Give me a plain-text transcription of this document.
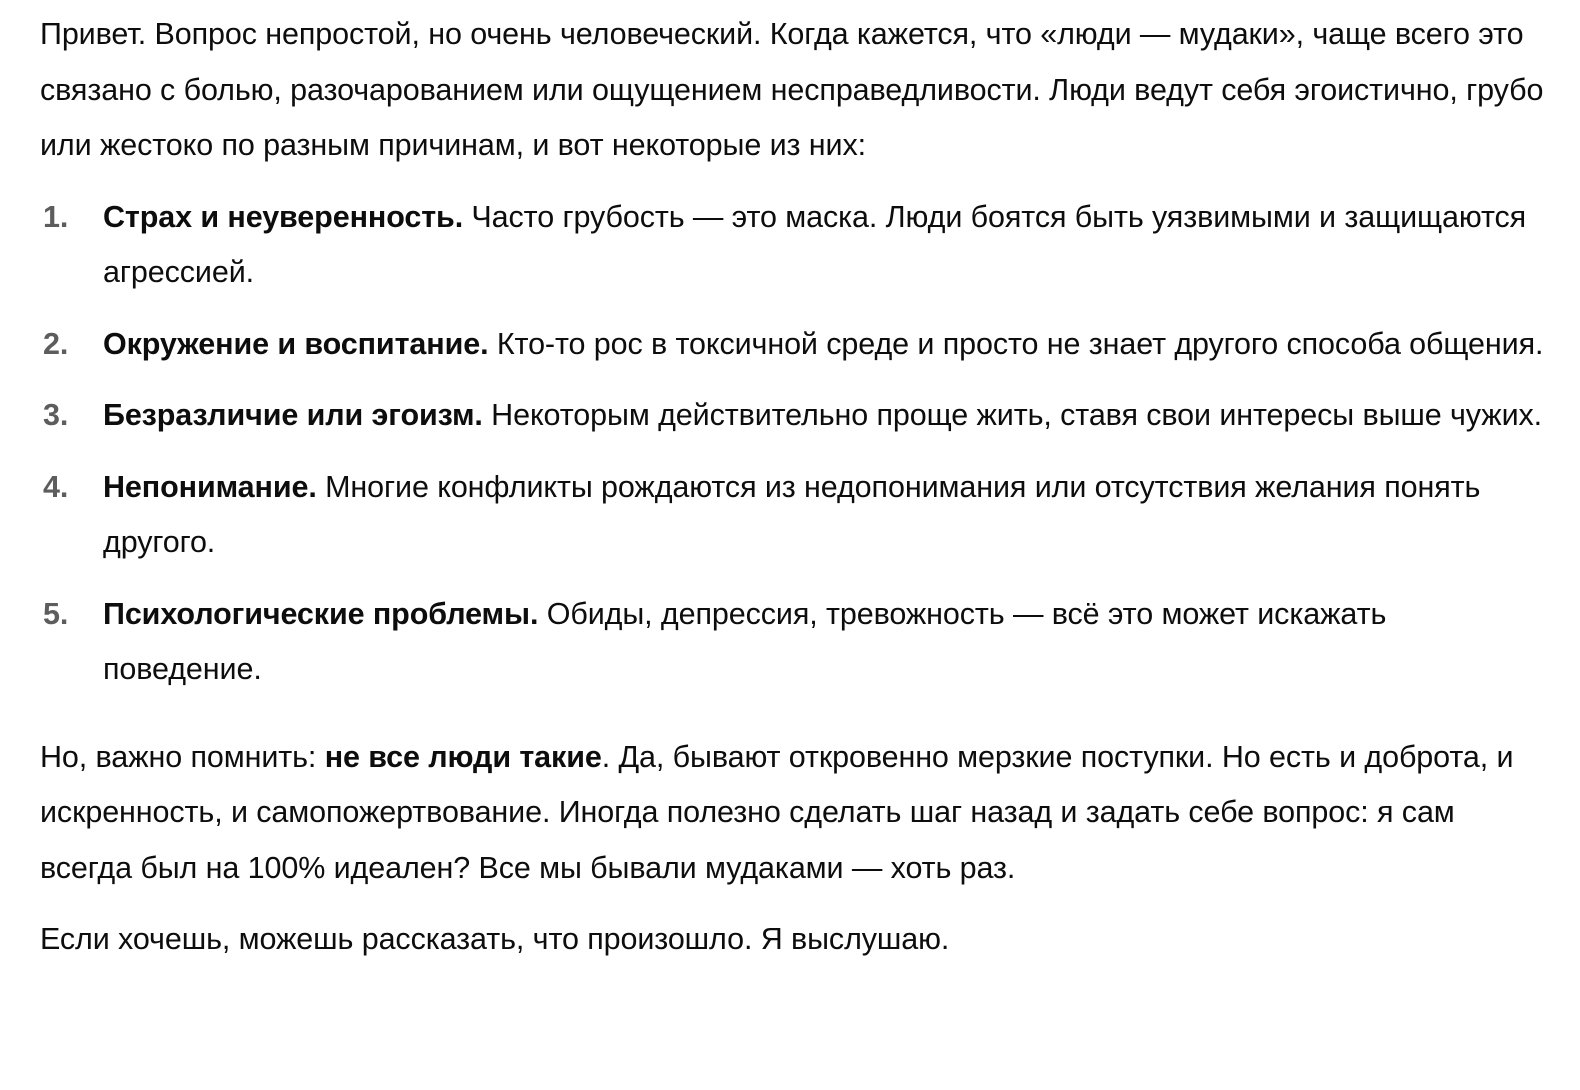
Привет. Вопрос непростой, но очень человеческий. Когда кажется, что «люди — мудаки», чаще всего это связано с болью, разочарованием или ощущением несправедливости. Люди ведут себя эгоистично, грубо или жестоко по разным причинам, и вот некоторые из них:

1. Страх и неуверенность. Часто грубость — это маска. Люди боятся быть уязвимыми и защищаются агрессией.
2. Окружение и воспитание. Кто-то рос в токсичной среде и просто не знает другого способа общения.
3. Безразличие или эгоизм. Некоторым действительно проще жить, ставя свои интересы выше чужих.
4. Непонимание. Многие конфликты рождаются из недопонимания или отсутствия желания понять другого.
5. Психологические проблемы. Обиды, депрессия, тревожность — всё это может искажать поведение.

Но, важно помнить: не все люди такие. Да, бывают откровенно мерзкие поступки. Но есть и доброта, и искренность, и самопожертвование. Иногда полезно сделать шаг назад и задать себе вопрос: я сам всегда был на 100% идеален? Все мы бывали мудаками — хоть раз.

Если хочешь, можешь рассказать, что произошло. Я выслушаю.
